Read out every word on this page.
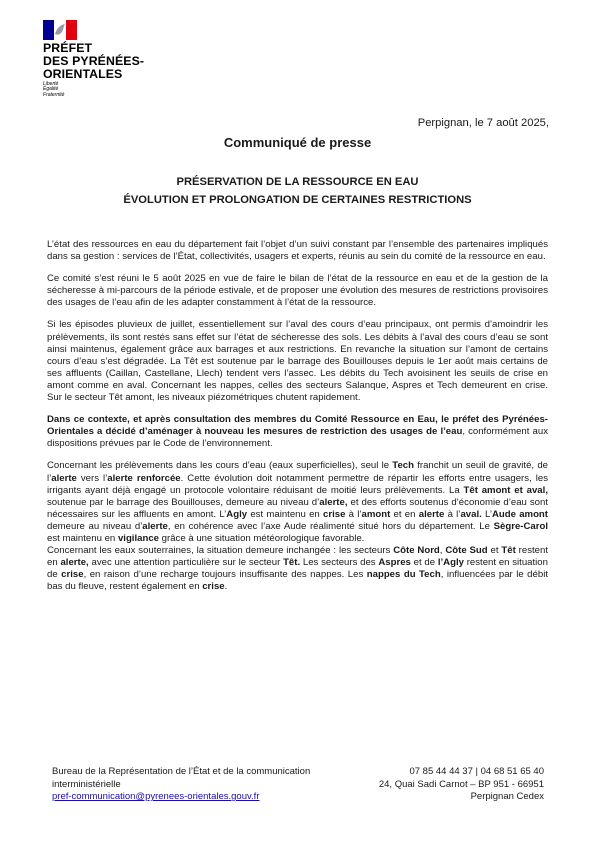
PRÉFET
DES PYRÉNÉES-
ORIENTALES
Liberté
Égalité
Fraternité
Perpignan, le 7 août 2025,
Communiqué de presse
PRÉSERVATION DE LA RESSOURCE EN EAU
ÉVOLUTION ET PROLONGATION DE CERTAINES RESTRICTIONS

L’état des ressources en eau du département fait l’objet d’un suivi constant par l’ensemble des partenaires impliqués dans sa gestion : services de l’État, collectivités, usagers et experts, réunis au sein du comité de la ressource en eau.

Ce comité s’est réuni le 5 août 2025 en vue de faire le bilan de l’état de la ressource en eau et de la gestion de la sécheresse à mi-parcours de la période estivale, et de proposer une évolution des mesures de restrictions provisoires des usages de l’eau afin de les adapter constamment à l’état de la ressource.

Si les épisodes pluvieux de juillet, essentiellement sur l’aval des cours d’eau principaux, ont permis d’amoindrir les prélèvements, ils sont restés sans effet sur l’état de sécheresse des sols. Les débits à l’aval des cours d’eau se sont ainsi maintenus, également grâce aux barrages et aux restrictions. En revanche la situation sur l’amont de certains cours d’eau s’est dégradée. La Têt est soutenue par le barrage des Bouillouses depuis le 1er août mais certains de ses affluents (Caillan, Castellane, Llech) tendent vers l’assec. Les débits du Tech avoisinent les seuils de crise en amont comme en aval. Concernant les nappes, celles des secteurs Salanque, Aspres et Tech demeurent en crise. Sur le secteur Têt amont, les niveaux piézométriques chutent rapidement.

Dans ce contexte, et après consultation des membres du Comité Ressource en Eau, le préfet des Pyrénées-Orientales a décidé d’aménager à nouveau les mesures de restriction des usages de l’eau, conformément aux dispositions prévues par le Code de l’environnement.

Concernant les prélèvements dans les cours d’eau (eaux superficielles), seul le Tech franchit un seuil de gravité, de l’alerte vers l’alerte renforcée. Cette évolution doit notamment permettre de répartir les efforts entre usagers, les irrigants ayant déjà engagé un protocole volontaire réduisant de moitié leurs prélèvements. La Têt amont et aval, soutenue par le barrage des Bouillouses, demeure au niveau d’alerte, et des efforts soutenus d’économie d’eau sont nécessaires sur les affluents en amont. L’Agly est maintenu en crise à l’amont et en alerte à l’aval. L’Aude amont demeure au niveau d’alerte, en cohérence avec l’axe Aude réalimenté situé hors du département. Le Sègre-Carol est maintenu en vigilance grâce à une situation météorologique favorable.

Concernant les eaux souterraines, la situation demeure inchangée : les secteurs Côte Nord, Côte Sud et Têt restent en alerte, avec une attention particulière sur le secteur Têt. Les secteurs des Aspres et de l’Agly restent en situation de crise, en raison d’une recharge toujours insuffisante des nappes. Les nappes du Tech, influencées par le débit bas du fleuve, restent également en crise.

Bureau de la Représentation de l’État et de la communication
interministérielle
pref-communication@pyrenees-orientales.gouv.fr
07 85 44 44 37 | 04 68 51 65 40
24, Quai Sadi Carnot – BP 951 - 66951
Perpignan Cedex
